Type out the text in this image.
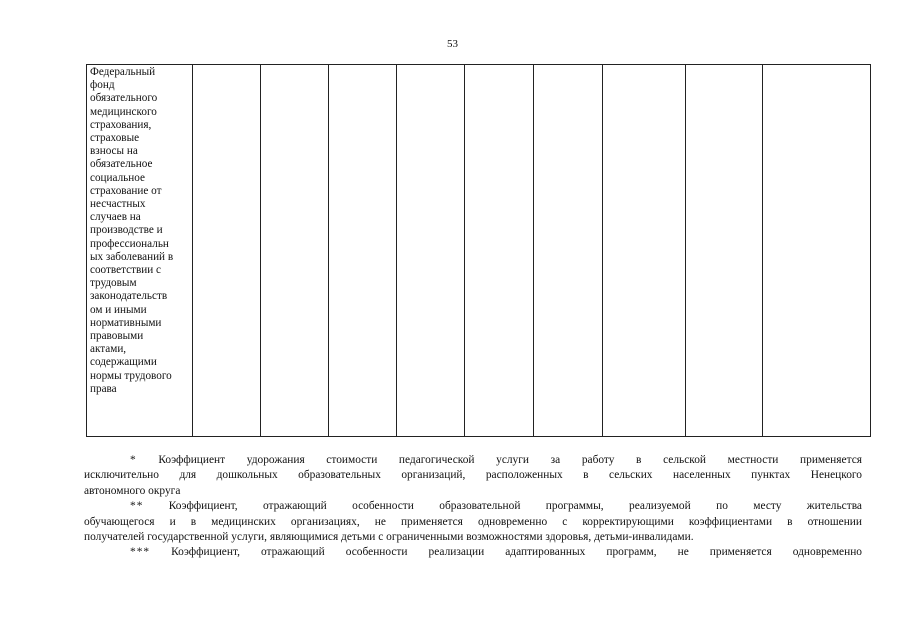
53
Федеральный
фонд
обязательного
медицинского
страхования,
страховые
взносы на
обязательное
социальное
страхование от
несчастных
случаев на
производстве и
профессиональн
ых заболеваний в
соответствии с
трудовым
законодательств
ом и иными
нормативными
правовыми
актами,
содержащими
нормы трудового
права									

* Коэффициент удорожания стоимости педагогической услуги за работу в сельской местности применяется
исключительно для дошкольных образовательных организаций, расположенных в сельских населенных пунктах Ненецкого
автономного округа

** Коэффициент, отражающий особенности образовательной программы, реализуемой по месту жительства
обучающегося и в медицинских организациях, не применяется одновременно с корректирующими коэффициентами в отношении
получателей государственной услуги, являющимися детьми с ограниченными возможностями здоровья, детьми-инвалидами.

*** Коэффициент, отражающий особенности реализации адаптированных программ, не применяется одновременно
